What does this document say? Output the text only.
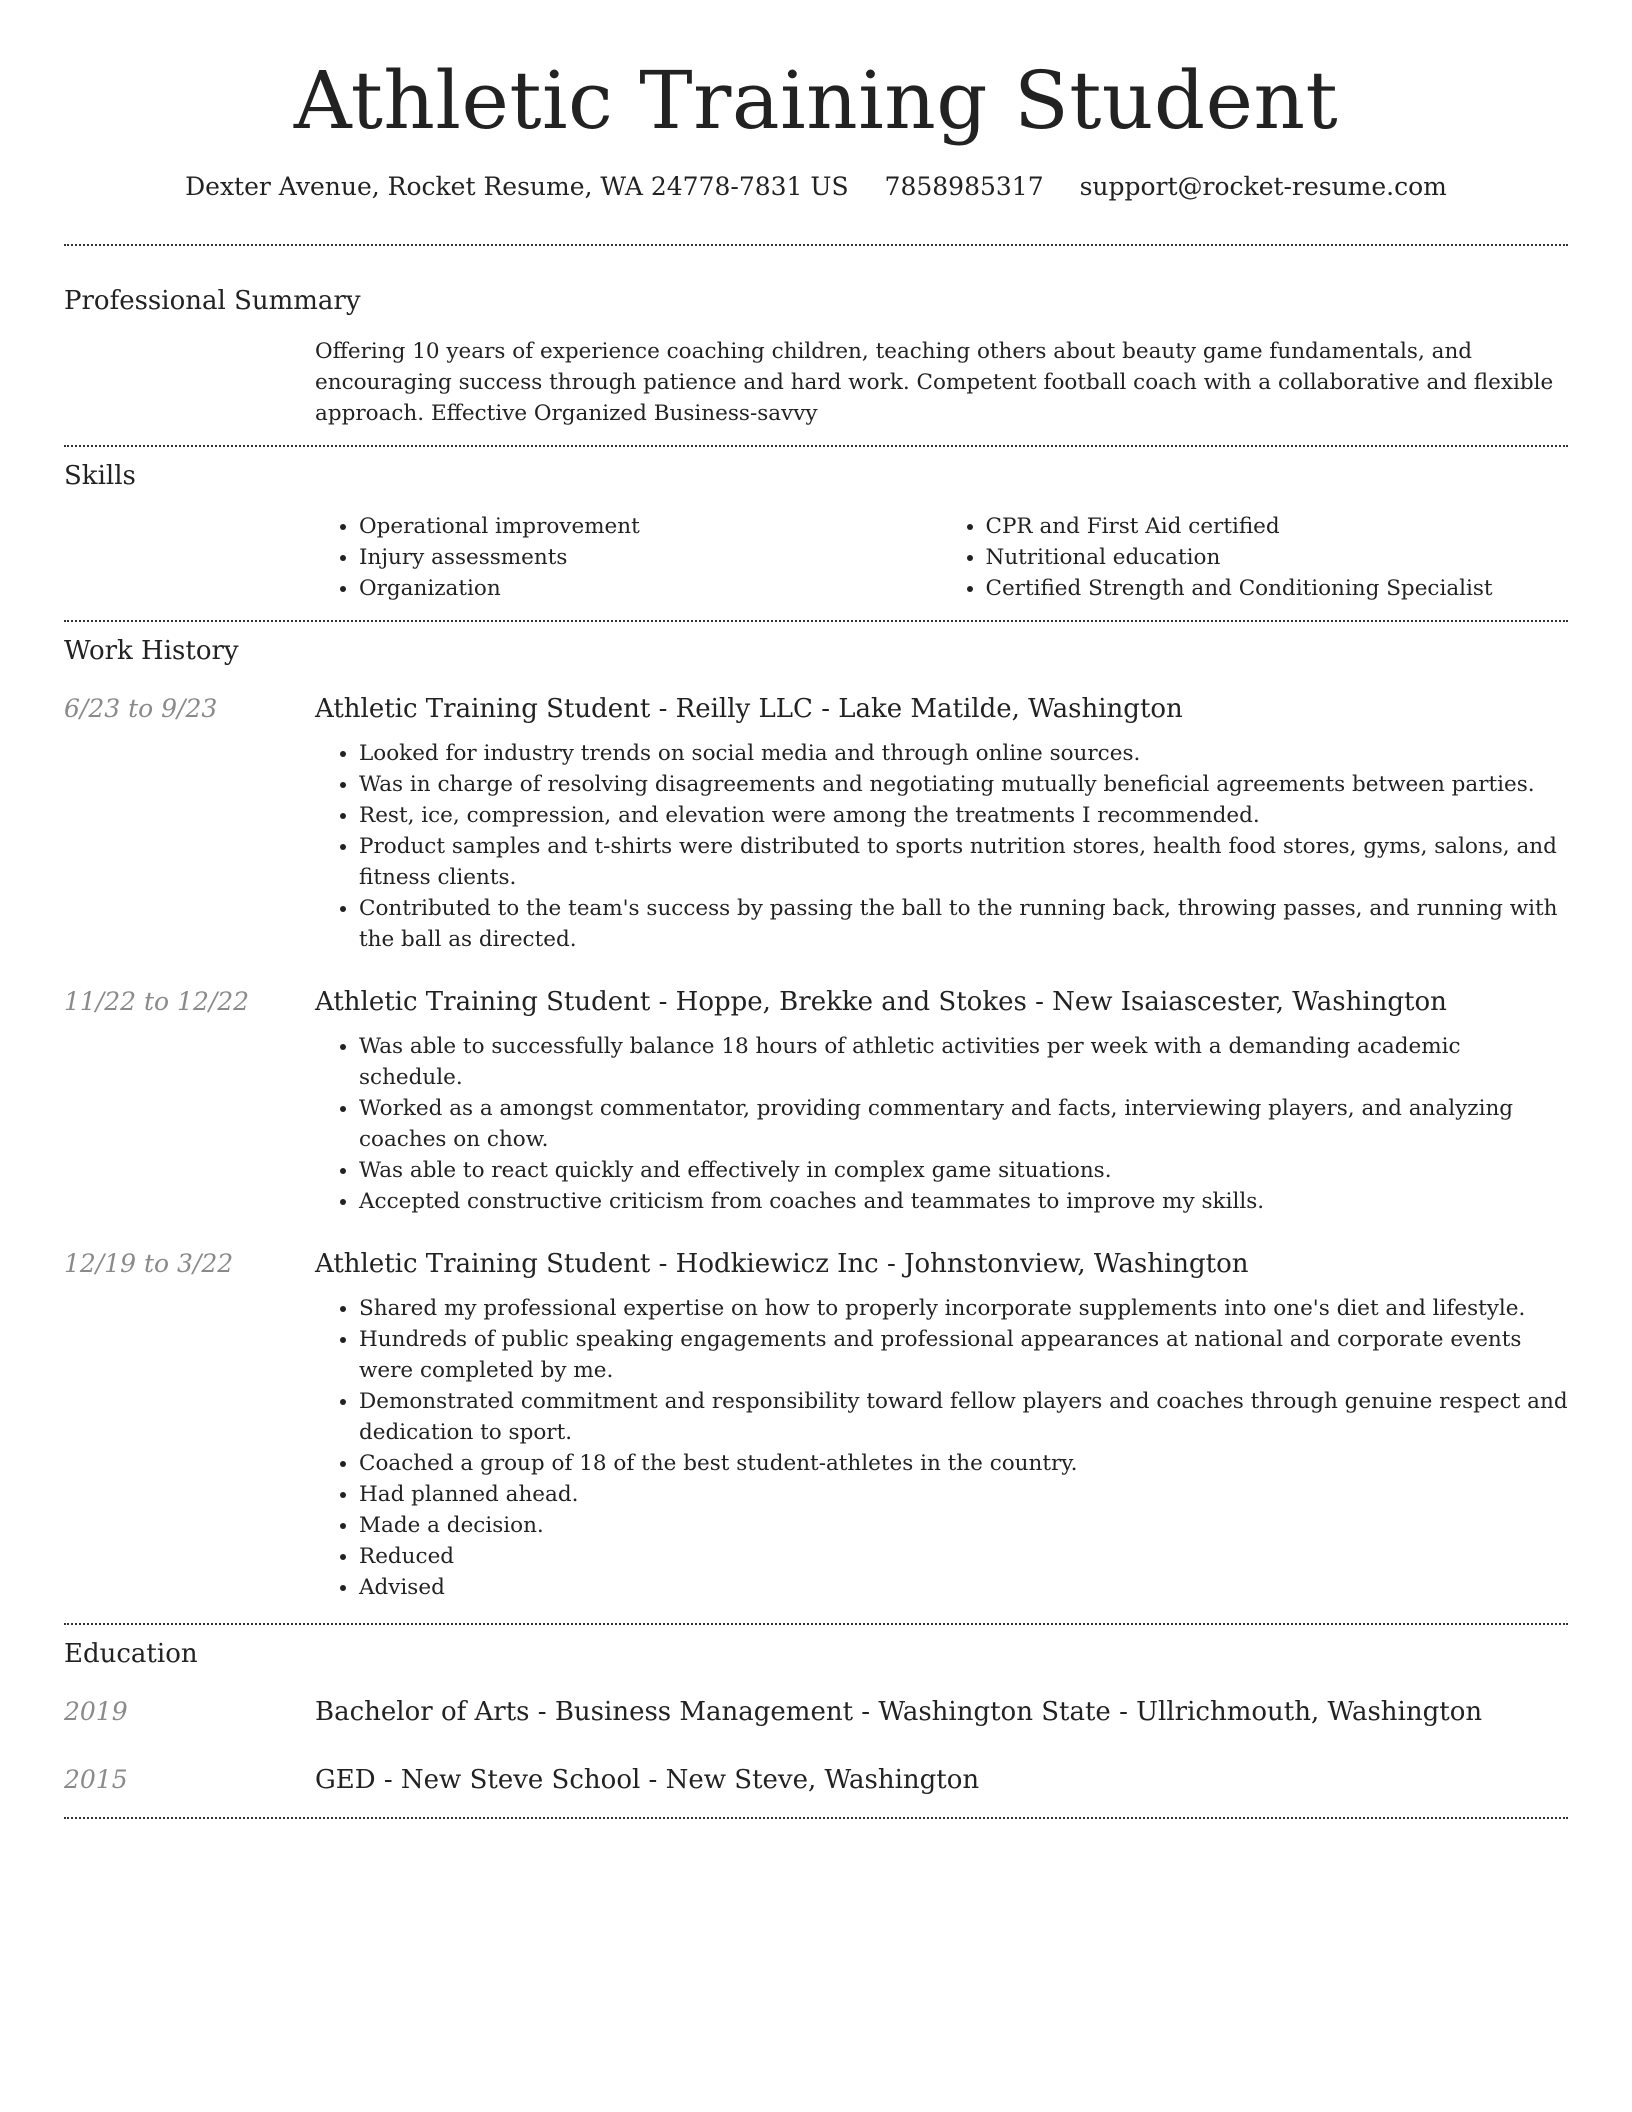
Athletic Training Student
Dexter Avenue, Rocket Resume, WA 24778-7831 US 7858985317 support@rocket-resume.com
Professional Summary
Offering 10 years of experience coaching children, teaching others about beauty game fundamentals, and encouraging success through patience and hard work. Competent football coach with a collaborative and flexible approach. Effective Organized Business-savvy
Skills
• Operational improvement
• Injury assessments
• Organization
• CPR and First Aid certified
• Nutritional education
• Certified Strength and Conditioning Specialist
Work History
6/23 to 9/23	Athletic Training Student - Reilly LLC - Lake Matilde, Washington
• Looked for industry trends on social media and through online sources.
• Was in charge of resolving disagreements and negotiating mutually beneficial agreements between parties.
• Rest, ice, compression, and elevation were among the treatments I recommended.
• Product samples and t-shirts were distributed to sports nutrition stores, health food stores, gyms, salons, and fitness clients.
• Contributed to the team's success by passing the ball to the running back, throwing passes, and running with the ball as directed.
11/22 to 12/22	Athletic Training Student - Hoppe, Brekke and Stokes - New Isaiascester, Washington
• Was able to successfully balance 18 hours of athletic activities per week with a demanding academic schedule.
• Worked as a amongst commentator, providing commentary and facts, interviewing players, and analyzing coaches on chow.
• Was able to react quickly and effectively in complex game situations.
• Accepted constructive criticism from coaches and teammates to improve my skills.
12/19 to 3/22	Athletic Training Student - Hodkiewicz Inc - Johnstonview, Washington
• Shared my professional expertise on how to properly incorporate supplements into one's diet and lifestyle.
• Hundreds of public speaking engagements and professional appearances at national and corporate events were completed by me.
• Demonstrated commitment and responsibility toward fellow players and coaches through genuine respect and dedication to sport.
• Coached a group of 18 of the best student-athletes in the country.
• Had planned ahead.
• Made a decision.
• Reduced
• Advised
Education
2019	Bachelor of Arts - Business Management - Washington State - Ullrichmouth, Washington
2015	GED - New Steve School - New Steve, Washington
